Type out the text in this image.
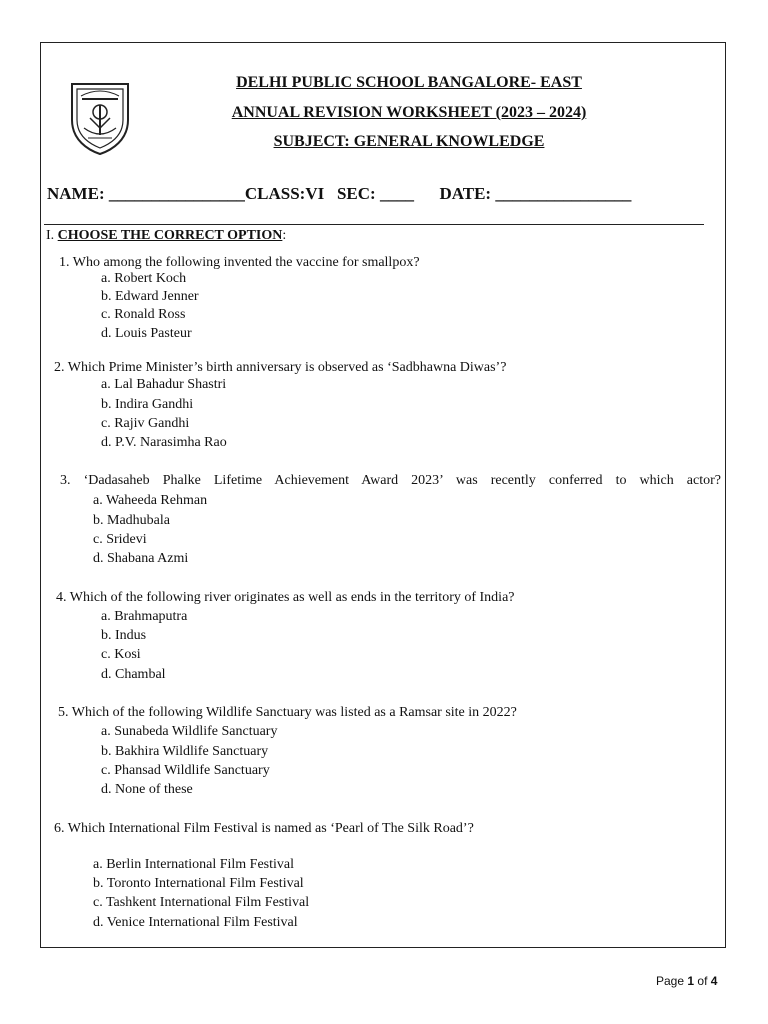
DELHI PUBLIC SCHOOL BANGALORE- EAST
ANNUAL REVISION WORKSHEET (2023 – 2024)
SUBJECT: GENERAL KNOWLEDGE
NAME: ________________CLASS:VI SEC: ____ DATE: ________________
I. CHOOSE THE CORRECT OPTION:
1. Who among the following invented the vaccine for smallpox?
a. Robert Koch
b. Edward Jenner
c. Ronald Ross
d. Louis Pasteur
2. Which Prime Minister’s birth anniversary is observed as ‘Sadbhawna Diwas’?
a. Lal Bahadur Shastri
b. Indira Gandhi
c. Rajiv Gandhi
d. P.V. Narasimha Rao
3. ‘Dadasaheb Phalke Lifetime Achievement Award 2023’ was recently conferred to which actor?
a. Waheeda Rehman
b. Madhubala
c. Sridevi
d. Shabana Azmi
4. Which of the following river originates as well as ends in the territory of India?
a. Brahmaputra
b. Indus
c. Kosi
d. Chambal
5. Which of the following Wildlife Sanctuary was listed as a Ramsar site in 2022?
a. Sunabeda Wildlife Sanctuary
b. Bakhira Wildlife Sanctuary
c. Phansad Wildlife Sanctuary
d. None of these
6. Which International Film Festival is named as ‘Pearl of The Silk Road’?
a. Berlin International Film Festival
b. Toronto International Film Festival
c. Tashkent International Film Festival
d. Venice International Film Festival
Page 1 of 4
